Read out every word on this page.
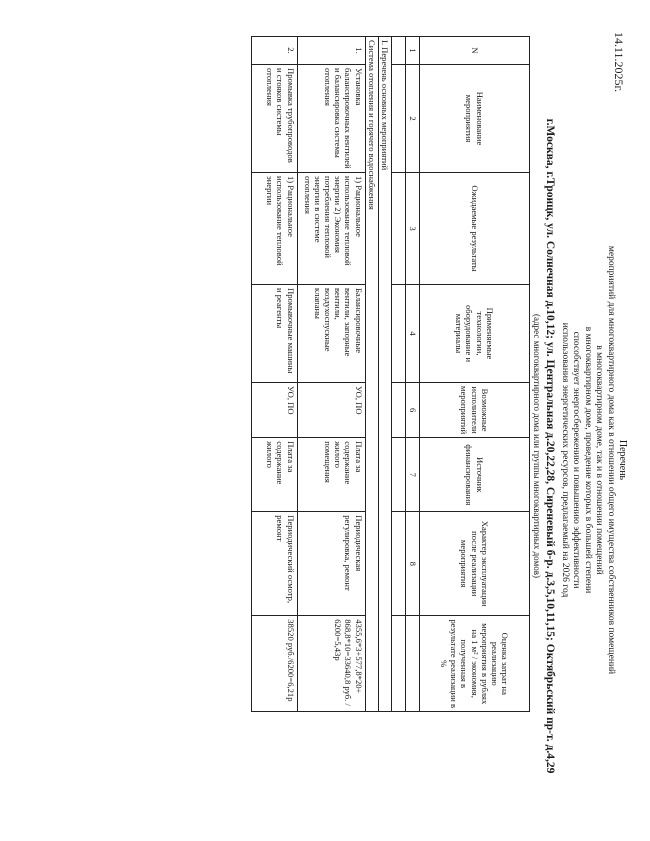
14.11.2025г.
Перечень
мероприятий для многоквартирного дома как в отношении общего имущества собственников помещений
в многоквартирном доме, так и в отношении помещений
в многоквартирном доме, проведение которых в большей степени
способствует энергосбережению и повышению эффективности
использования энергетических ресурсов, предлагаемый на 2026 год
г.Москва, г.Троицк, ул. Солнечная д.10,12; ул. Центральная д.20,22,28, Сиреневый б-р. д.3,5,10,11,15; Октябрьский пр-т. д.4,29
(адрес многоквартирного дома или группы многоквартирных домов)
N	Наименование мероприятия	Ожидаемые результаты	Применяемые технологии, оборудование и материалы	Возможные исполнители мероприятий	Источник финансирования	Характер эксплуатации после реализации мероприятия	Оценка затрат на реализацию мероприятия в рублях на 1 м² / экономия, полученная в результате реализации в %
1	2	3	4	6	7	8	

I. Перечень основных мероприятий							
Система отопления и горячего водоснабжения							
1.	Установка балансировочных вентилей и балансировка системы отопления	1) Рациональное использование тепловой энергии 2) Экономия потребления тепловой энергии в системе отопления	Балансировочные вентили, запорные вентили, воздухоспускные клапаны	УО, ПО	Плата за содержание жилого помещения	Периодическая регулировка, ремонт	4355,6*3+577,8*20+ 868,8*10=33640,8 руб. / 6200=5,43р
2.	Промывка трубопроводов и стояков системы отопления	1) Рациональное использование тепловой энергии	Промывочные машины и реагенты	УО, ПО	Плата за содержание жилого	Периодический осмотр, ремонт	38520 руб./6200=6,21р
